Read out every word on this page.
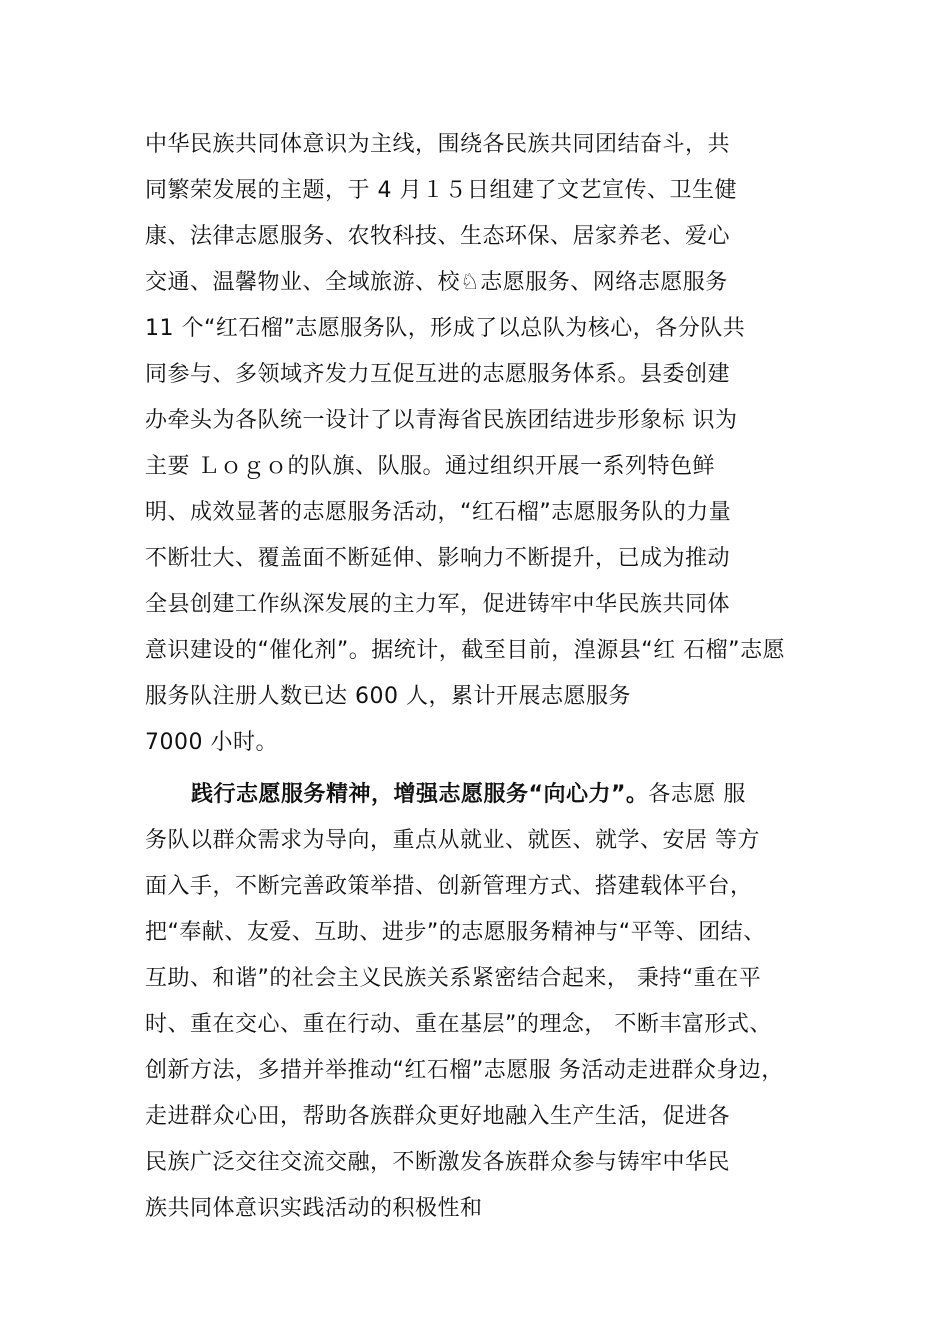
中华民族共同体意识为主线，围绕各民族共同团结奋斗，共
同繁荣发展的主题，于 4 月１５日组建了文艺宣传、卫生健
康、法律志愿服务、农牧科技、生态环保、居家养老、爱心
交通、温馨物业、全域旅游、校♘志愿服务、网络志愿服务
11 个“红石榴”志愿服务队，形成了以总队为核心，各分队共
同参与、多领域齐发力互促互进的志愿服务体系。县委创建
办牵头为各队统一设计了以青海省民族团结进步形象标 识为
主要 Ｌｏｇｏ的队旗、队服。通过组织开展一系列特色鲜
明、成效显著的志愿服务活动，“红石榴”志愿服务队的力量
不断壮大、覆盖面不断延伸、影响力不断提升，已成为推动
全县创建工作纵深发展的主力军，促进铸牢中华民族共同体
意识建设的“催化剂”。据统计，截至目前，湟源县“红 石榴”志愿
服务队注册人数已达 600 人，累计开展志愿服务
7000 小时。
践行志愿服务精神，增强志愿服务“向心力”。各志愿 服
务队以群众需求为导向，重点从就业、就医、就学、安居 等方
面入手，不断完善政策举措、创新管理方式、搭建载体平台，
把“奉献、友爱、互助、进步”的志愿服务精神与“平等、团结、
互助、和谐”的社会主义民族关系紧密结合起来， 秉持“重在平
时、重在交心、重在行动、重在基层”的理念， 不断丰富形式、
创新方法，多措并举推动“红石榴”志愿服 务活动走进群众身边，
走进群众心田，帮助各族群众更好地融入生产生活，促进各
民族广泛交往交流交融，不断激发各族群众参与铸牢中华民
族共同体意识实践活动的积极性和
